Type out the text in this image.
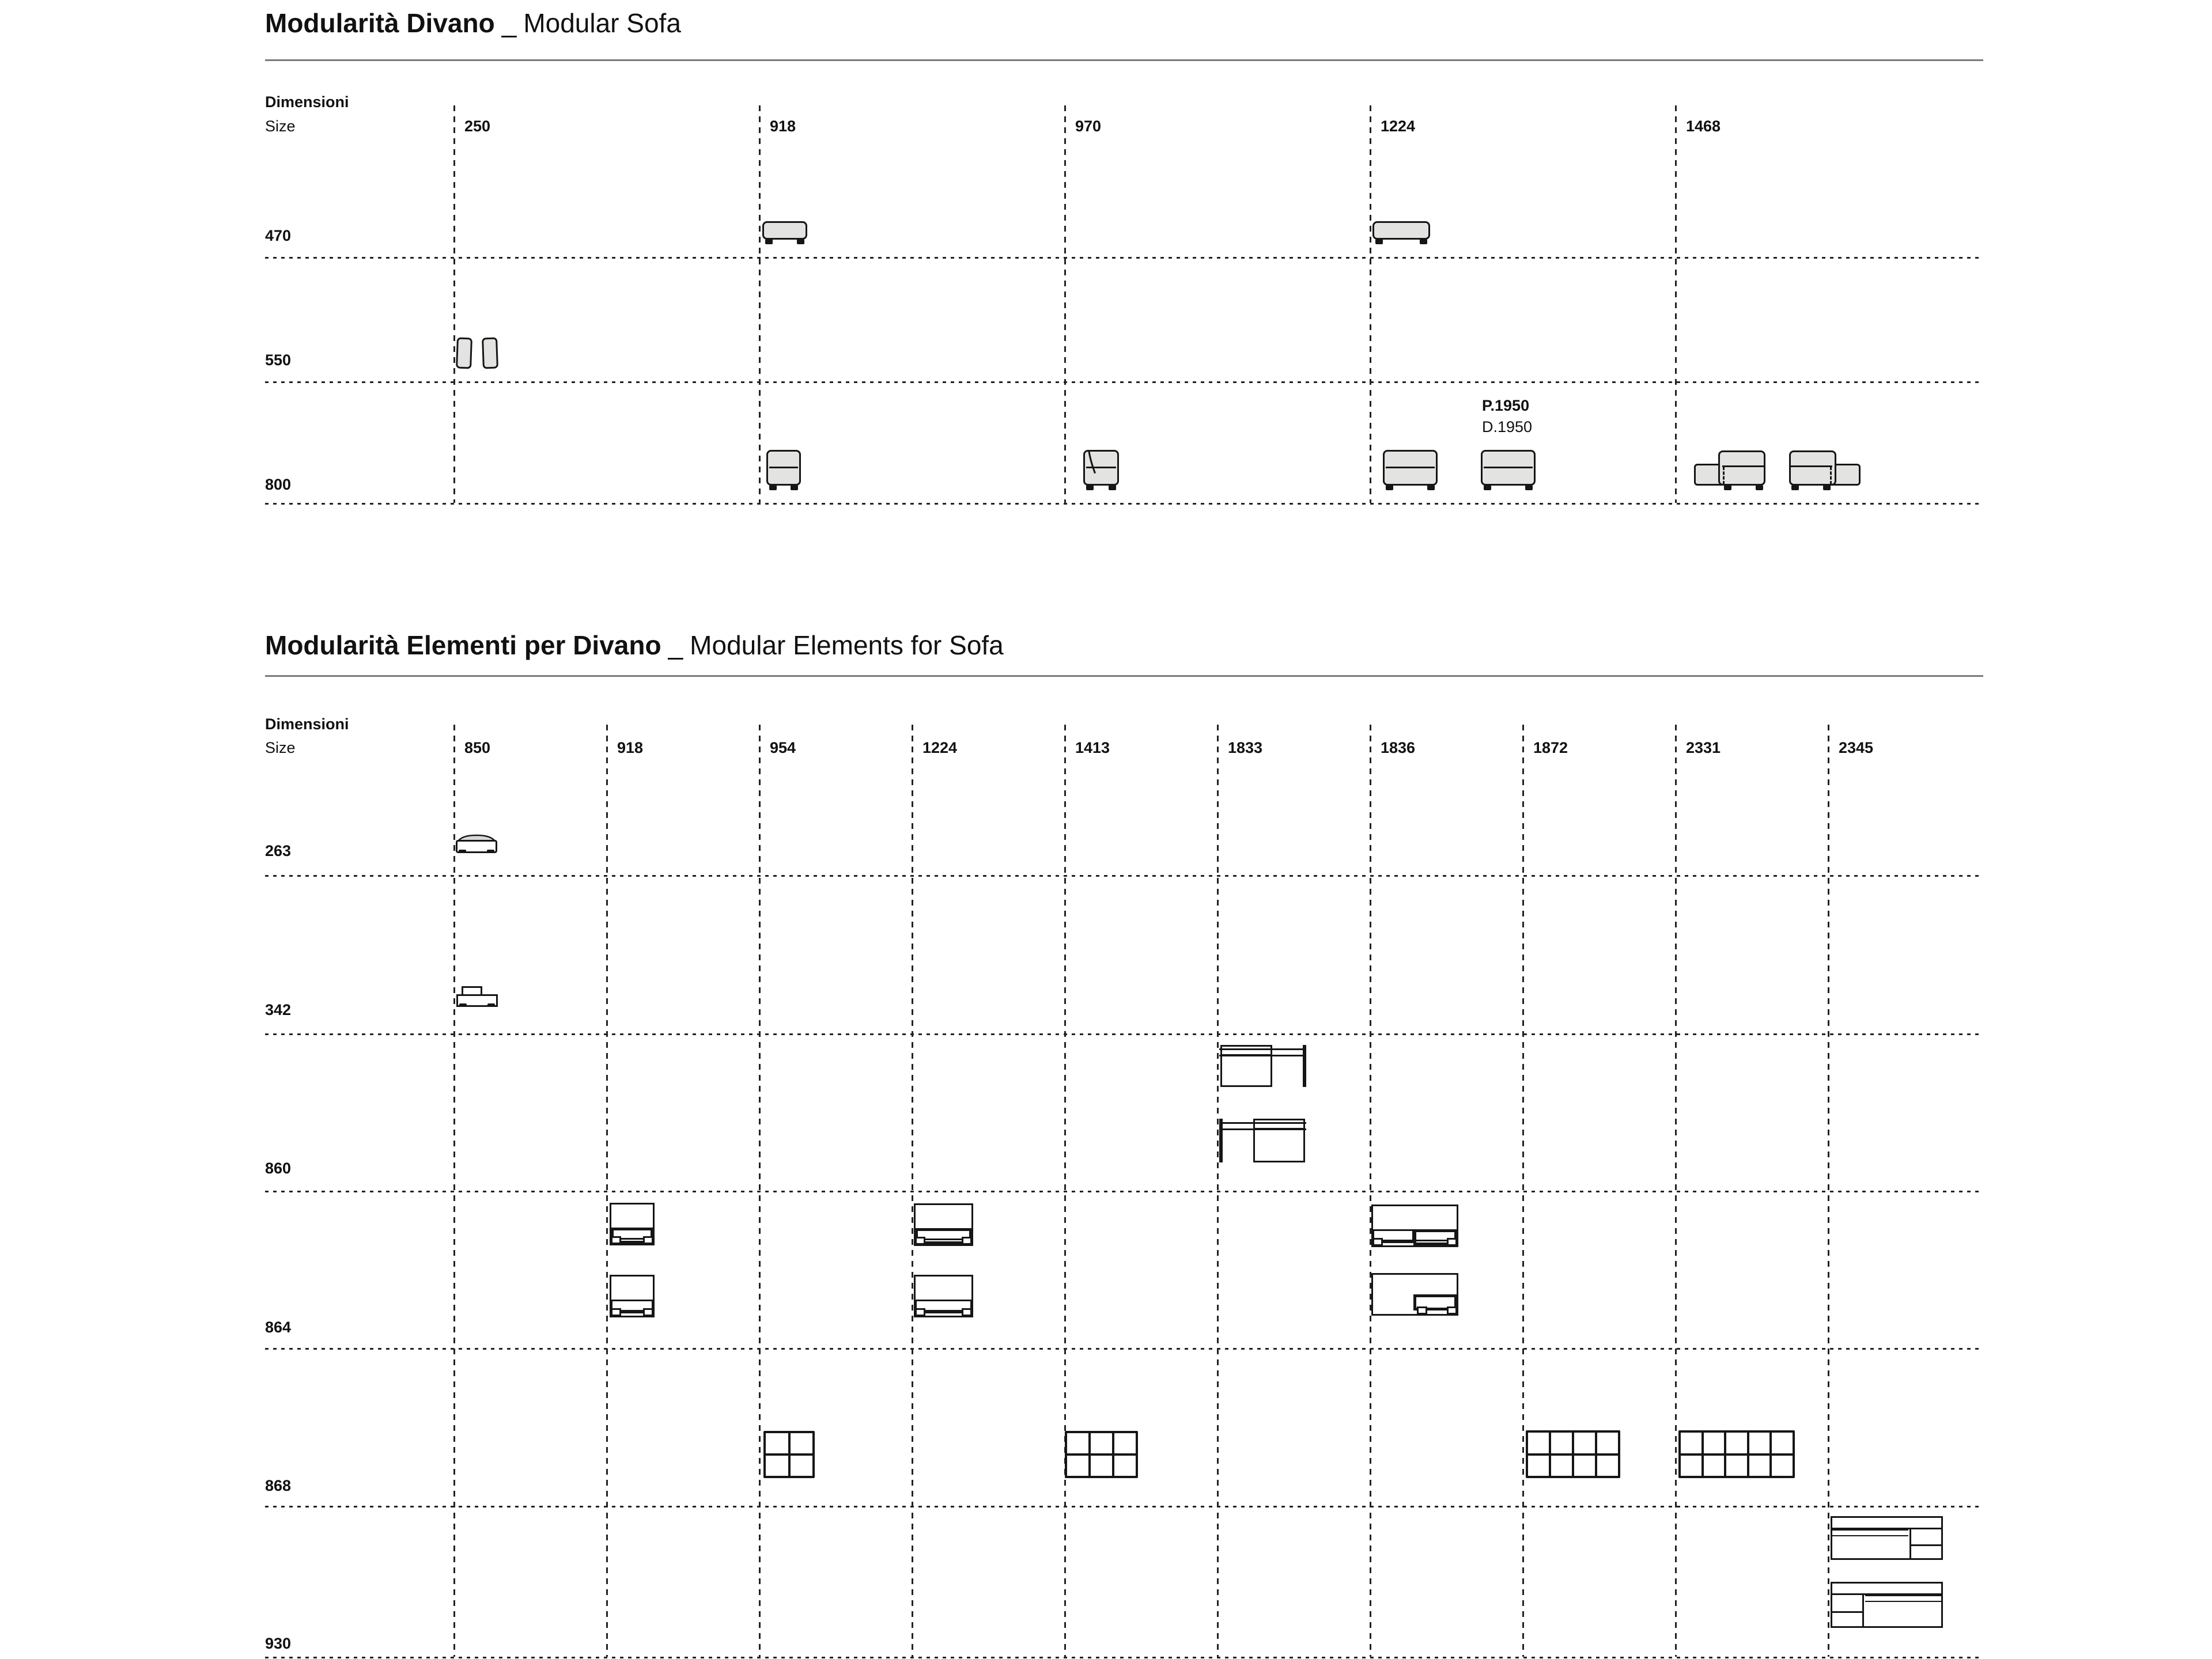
Modularità Divano _ Modular Sofa
Dimensioni
Size	250	918	970	1224	1468
470
550
800
P.1950
D.1950
Modularità Elementi per Divano _ Modular Elements for Sofa
Dimensioni
Size	850	918	954	1224	1413	1833	1836	1872	2331	2345
263
342
860
864
868
930
